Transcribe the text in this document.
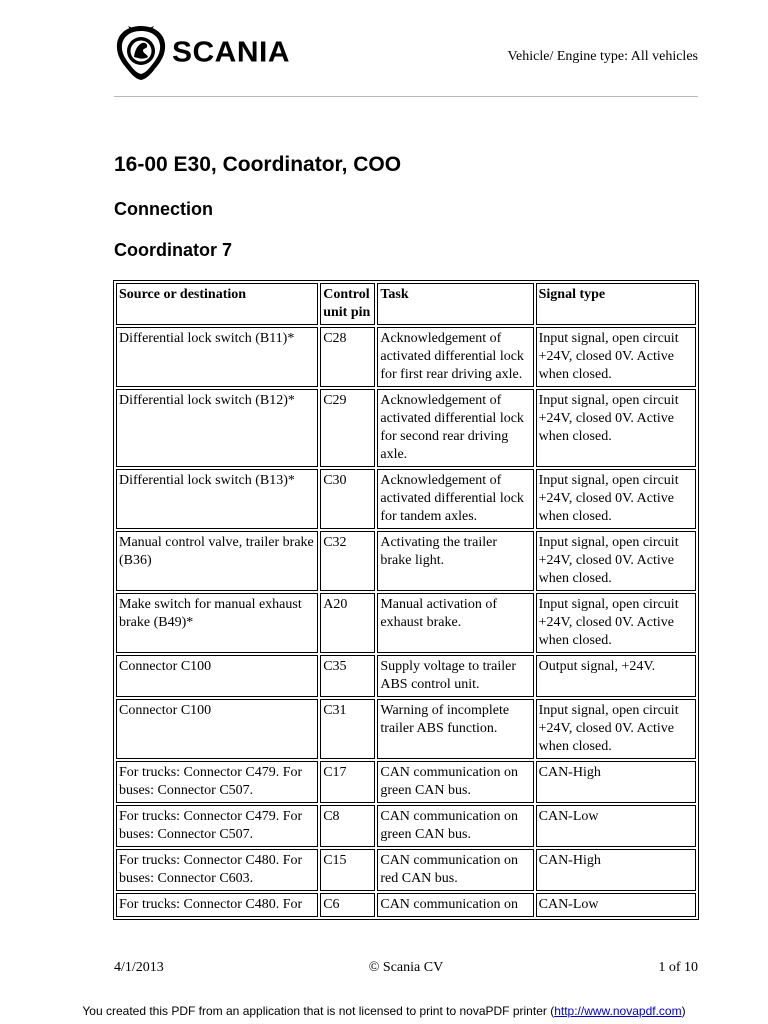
SCANIA	Vehicle/ Engine type: All vehicles
16-00 E30, Coordinator, COO
Connection
Coordinator 7
Source or destination	Control unit pin	Task	Signal type
Differential lock switch (B11)*	C28	Acknowledgement of activated differential lock for first rear driving axle.	Input signal, open circuit +24V, closed 0V. Active when closed.
Differential lock switch (B12)*	C29	Acknowledgement of activated differential lock for second rear driving axle.	Input signal, open circuit +24V, closed 0V. Active when closed.
Differential lock switch (B13)*	C30	Acknowledgement of activated differential lock for tandem axles.	Input signal, open circuit +24V, closed 0V. Active when closed.
Manual control valve, trailer brake (B36)	C32	Activating the trailer brake light.	Input signal, open circuit +24V, closed 0V. Active when closed.
Make switch for manual exhaust brake (B49)*	A20	Manual activation of exhaust brake.	Input signal, open circuit +24V, closed 0V. Active when closed.
Connector C100	C35	Supply voltage to trailer ABS control unit.	Output signal, +24V.
Connector C100	C31	Warning of incomplete trailer ABS function.	Input signal, open circuit +24V, closed 0V. Active when closed.
For trucks: Connector C479. For buses: Connector C507.	C17	CAN communication on green CAN bus.	CAN-High
For trucks: Connector C479. For buses: Connector C507.	C8	CAN communication on green CAN bus.	CAN-Low
For trucks: Connector C480. For buses: Connector C603.	C15	CAN communication on red CAN bus.	CAN-High
For trucks: Connector C480. For	C6	CAN communication on	CAN-Low
4/1/2013	© Scania CV	1 of 10
You created this PDF from an application that is not licensed to print to novaPDF printer (http://www.novapdf.com)
